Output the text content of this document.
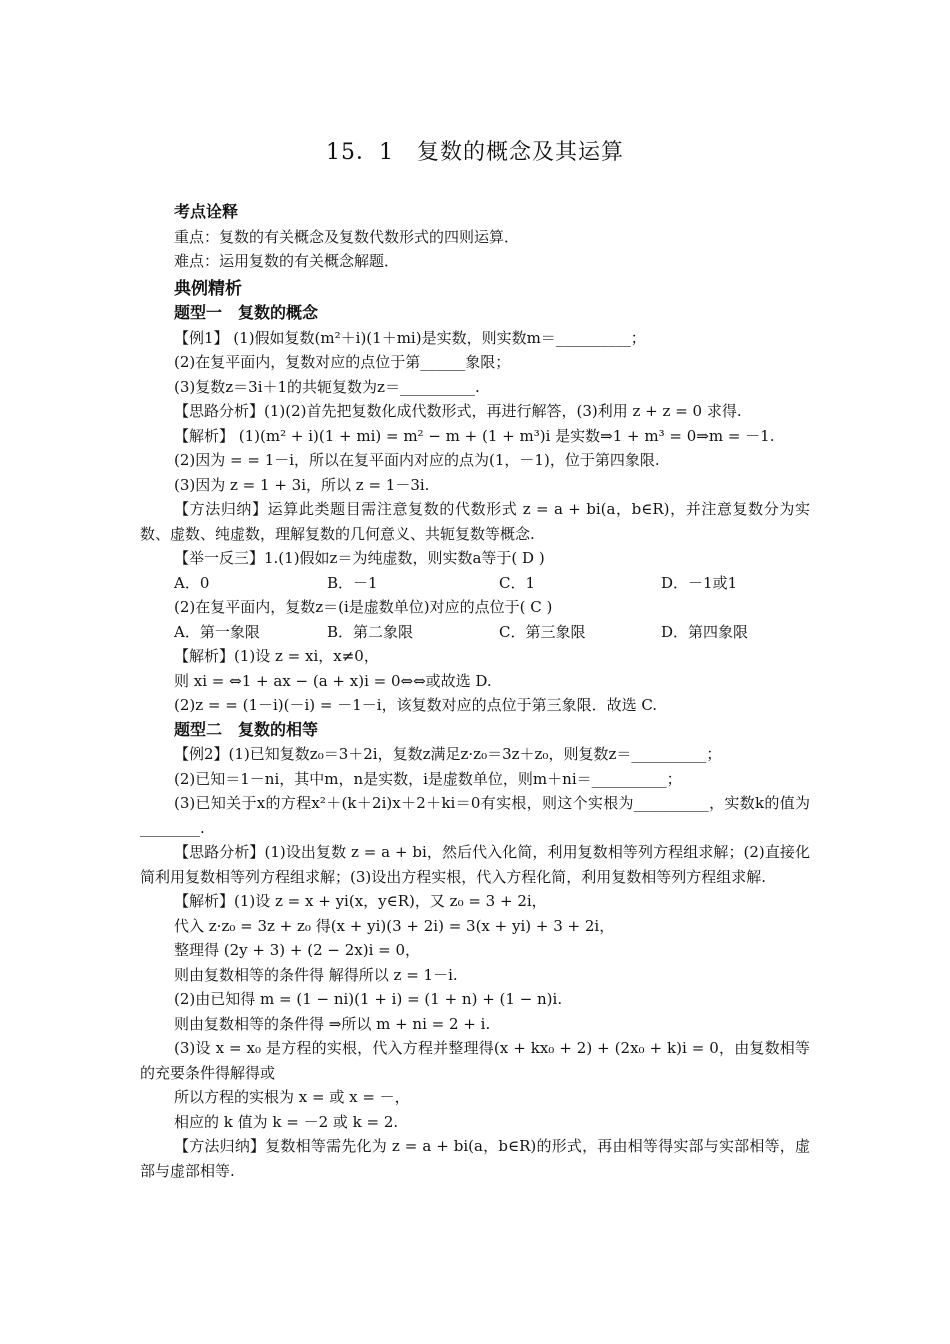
15．1　复数的概念及其运算
考点诠释
重点：复数的有关概念及复数代数形式的四则运算．
难点：运用复数的有关概念解题．
典例精析
题型一　复数的概念
【例1】 (1)假如复数(m²＋i)(1＋mi)是实数，则实数m＝__________；
(2)在复平面内，复数对应的点位于第______象限；
(3)复数z＝3i＋1的共轭复数为z＝__________.
【思路分析】(1)(2)首先把复数化成代数形式，再进行解答，(3)利用 z + z = 0 求得.
【解析】 (1)(m² + i)(1 + mi) = m² − m + (1 + m³)i 是实数⇒1 + m³ = 0⇒m = －1.
(2)因为 = = 1－i，所以在复平面内对应的点为(1，－1)，位于第四象限.
(3)因为 z = 1 + 3i，所以 z = 1－3i.
【方法归纳】运算此类题目需注意复数的代数形式 z = a + bi(a，b∈R)，并注意复数分为实数、虚数、纯虚数，理解复数的几何意义、共轭复数等概念.
【举一反三】1.(1)假如z＝为纯虚数，则实数a等于( D )
A．0	B．－1	C．1	D．－1或1
(2)在复平面内，复数z＝(i是虚数单位)对应的点位于( C )
A．第一象限	B．第二象限	C．第三象限	D．第四象限
【解析】(1)设 z = xi，x≠0，
则 xi = ⇔1 + ax − (a + x)i = 0⇔⇔或故选 D.
(2)z = = (1－i)(－i) = －1－i，该复数对应的点位于第三象限．故选 C.
题型二　复数的相等
【例2】(1)已知复数z₀＝3＋2i，复数z满足z·z₀＝3z＋z₀，则复数z＝__________；
(2)已知＝1－ni，其中m，n是实数，i是虚数单位，则m＋ni＝__________；
(3)已知关于x的方程x²＋(k＋2i)x＋2＋ki＝0有实根，则这个实根为__________，实数k的值为________.
【思路分析】(1)设出复数 z = a + bi，然后代入化简，利用复数相等列方程组求解；(2)直接化简利用复数相等列方程组求解；(3)设出方程实根，代入方程化简，利用复数相等列方程组求解.
【解析】(1)设 z = x + yi(x，y∈R)，又 z₀ = 3 + 2i，
代入 z·z₀ = 3z + z₀ 得(x + yi)(3 + 2i) = 3(x + yi) + 3 + 2i，
整理得 (2y + 3) + (2 − 2x)i = 0，
则由复数相等的条件得 解得所以 z = 1－i.
(2)由已知得 m = (1 − ni)(1 + i) = (1 + n) + (1 − n)i.
则由复数相等的条件得 ⇒所以 m + ni = 2 + i.
(3)设 x = x₀ 是方程的实根，代入方程并整理得(x + kx₀ + 2) + (2x₀ + k)i = 0，由复数相等的充要条件得解得或
所以方程的实根为 x = 或 x = －，
相应的 k 值为 k = －2 或 k = 2.
【方法归纳】复数相等需先化为 z = a + bi(a，b∈R)的形式，再由相等得实部与实部相等，虚部与虚部相等.
